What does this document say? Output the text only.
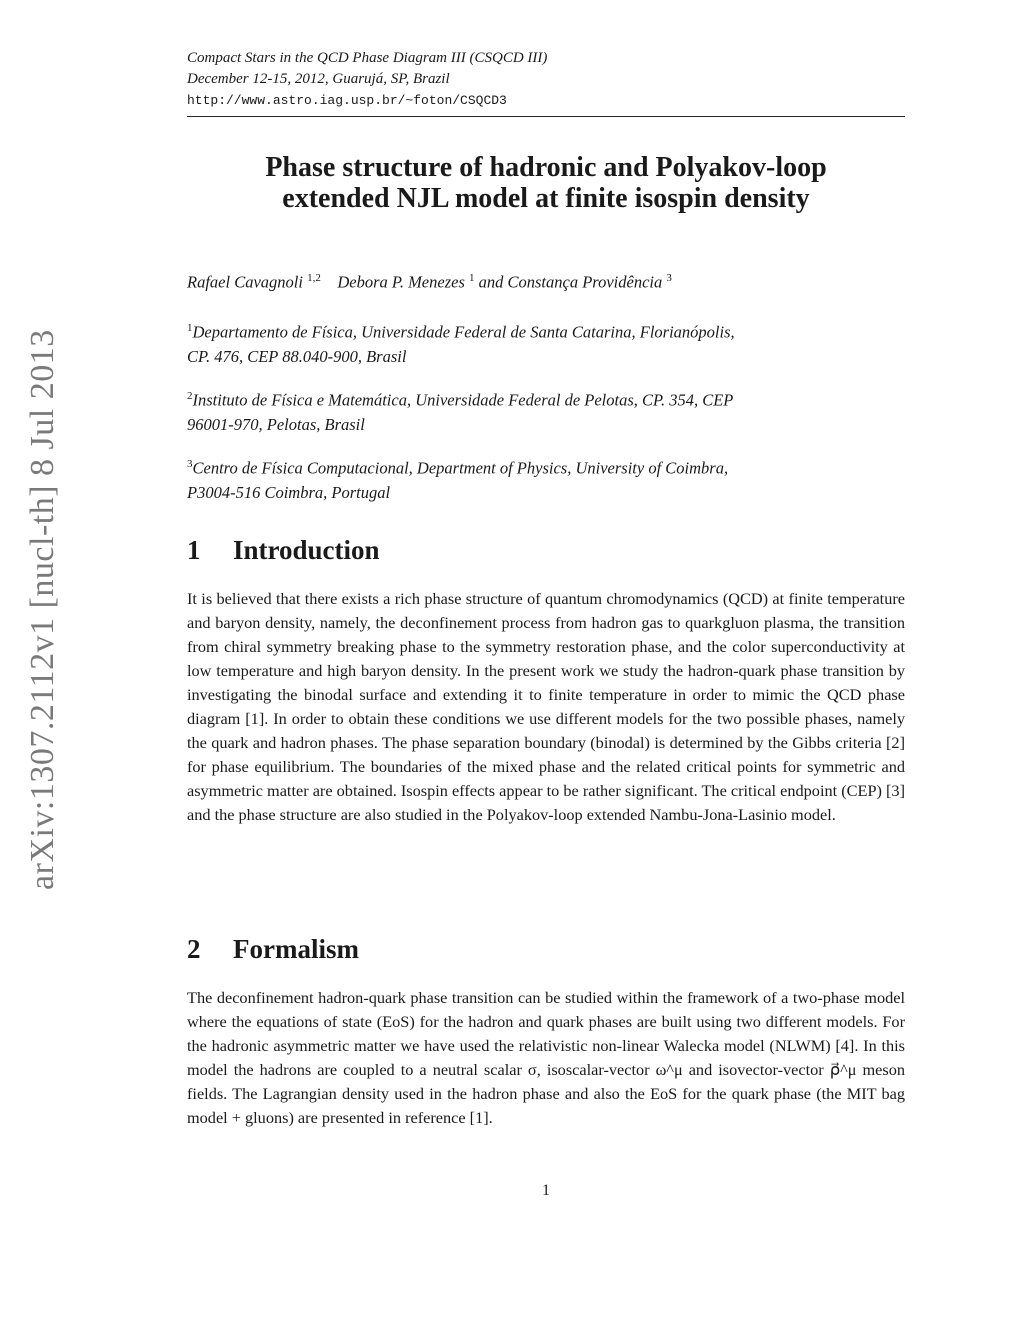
arXiv:1307.2112v1 [nucl-th] 8 Jul 2013
Compact Stars in the QCD Phase Diagram III (CSQCD III)
December 12-15, 2012, Guarujá, SP, Brazil
http://www.astro.iag.usp.br/~foton/CSQCD3
Phase structure of hadronic and Polyakov-loop
extended NJL model at finite isospin density
Rafael Cavagnoli $^{1,2}$ Debora P. Menezes $^1$ and Constança Providência $^3$
$^1$Departamento de Física, Universidade Federal de Santa Catarina, Florianópolis,
CP. 476, CEP 88.040-900, Brasil
$^2$Instituto de Física e Matemática, Universidade Federal de Pelotas, CP. 354, CEP
96001-970, Pelotas, Brasil
$^3$Centro de Física Computacional, Department of Physics, University of Coimbra,
P3004-516 Coimbra, Portugal
1 Introduction
It is believed that there exists a rich phase structure of quantum chromodynamics (QCD) at finite temperature and baryon density, namely, the deconfinement process from hadron gas to quarkgluon plasma, the transition from chiral symmetry breaking phase to the symmetry restoration phase, and the color superconductivity at low temperature and high baryon density. In the present work we study the hadron-quark phase transition by investigating the binodal surface and extending it to finite temperature in order to mimic the QCD phase diagram [1]. In order to obtain these conditions we use different models for the two possible phases, namely the quark and hadron phases. The phase separation boundary (binodal) is determined by the Gibbs criteria [2] for phase equilibrium. The boundaries of the mixed phase and the related critical points for symmetric and asymmetric matter are obtained. Isospin effects appear to be rather significant. The critical endpoint (CEP) [3] and the phase structure are also studied in the Polyakov-loop extended Nambu-Jona-Lasinio model.
2 Formalism
The deconfinement hadron-quark phase transition can be studied within the framework of a two-phase model where the equations of state (EoS) for the hadron and quark phases are built using two different models. For the hadronic asymmetric matter we have used the relativistic non-linear Walecka model (NLWM) [4]. In this model the hadrons are coupled to a neutral scalar σ, isoscalar-vector ω^μ and isovector-vector ρ⃗^μ meson fields. The Lagrangian density used in the hadron phase and also the EoS for the quark phase (the MIT bag model + gluons) are presented in reference [1].
1
